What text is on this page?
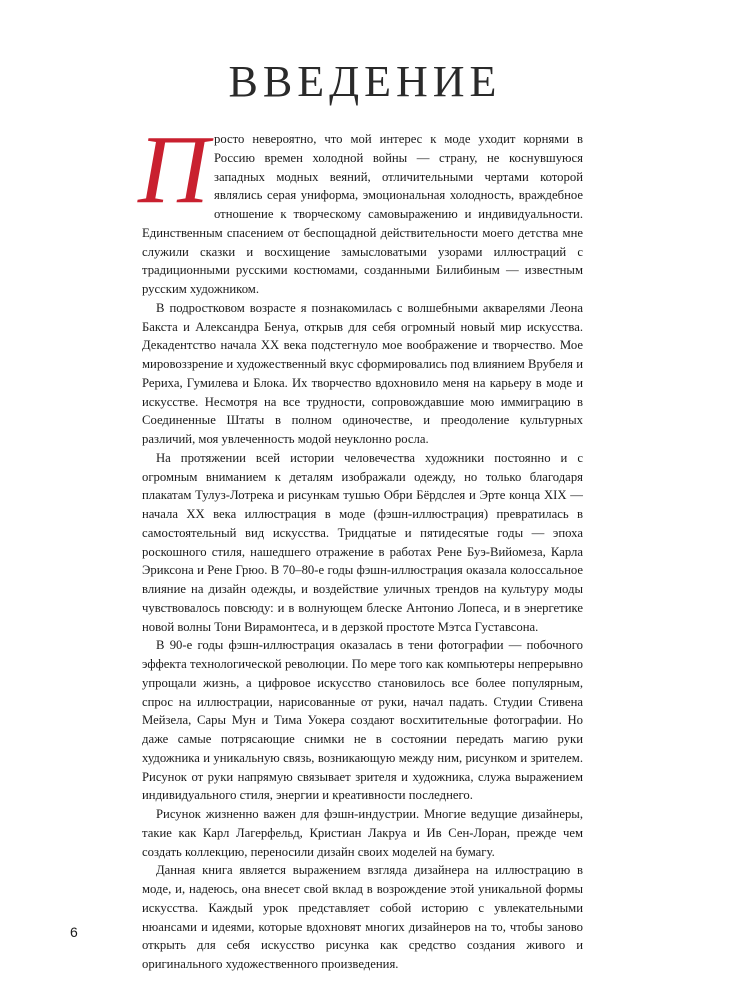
ВВЕДЕНИЕ

Просто невероятно, что мой интерес к моде уходит корнями в Россию времен холодной войны — страну, не коснувшуюся западных модных веяний, отличительными чертами которой являлись серая униформа, эмоциональная холодность, враждебное отношение к творческому самовыражению и индивидуальности. Единственным спасением от беспощадной действительности моего детства мне служили сказки и восхищение замысловатыми узорами иллюстраций с традиционными русскими костюмами, созданными Билибиным — известным русским художником.

В подростковом возрасте я познакомилась с волшебными акварелями Леона Бакста и Александра Бенуа, открыв для себя огромный новый мир искусства. Декадентство начала XX века подстегнуло мое воображение и творчество. Мое мировоззрение и художественный вкус сформировались под влиянием Врубеля и Рериха, Гумилева и Блока. Их творчество вдохновило меня на карьеру в моде и искусстве. Несмотря на все трудности, сопровождавшие мою иммиграцию в Соединенные Штаты в полном одиночестве, и преодоление культурных различий, моя увлеченность модой неуклонно росла.

На протяжении всей истории человечества художники постоянно и с огромным вниманием к деталям изображали одежду, но только благодаря плакатам Тулуз-Лотрека и рисункам тушью Обри Бёрдслея и Эрте конца XIX — начала XX века иллюстрация в моде (фэшн-иллюстрация) превратилась в самостоятельный вид искусства. Тридцатые и пятидесятые годы — эпоха роскошного стиля, нашедшего отражение в работах Рене Буэ-Вийомеза, Карла Эриксона и Рене Грюо. В 70–80-е годы фэшн-иллюстрация оказала колоссальное влияние на дизайн одежды, и воздействие уличных трендов на культуру моды чувствовалось повсюду: и в волнующем блеске Антонио Лопеса, и в энергетике новой волны Тони Вирамонтеса, и в дерзкой простоте Мэтса Густавсона.

В 90-е годы фэшн-иллюстрация оказалась в тени фотографии — побочного эффекта технологической революции. По мере того как компьютеры непрерывно упрощали жизнь, а цифровое искусство становилось все более популярным, спрос на иллюстрации, нарисованные от руки, начал падать. Студии Стивена Мейзела, Сары Мун и Тима Уокера создают восхитительные фотографии. Но даже самые потрясающие снимки не в состоянии передать магию руки художника и уникальную связь, возникающую между ним, рисунком и зрителем. Рисунок от руки напрямую связывает зрителя и художника, служа выражением индивидуального стиля, энергии и креативности последнего.

Рисунок жизненно важен для фэшн-индустрии. Многие ведущие дизайнеры, такие как Карл Лагерфельд, Кристиан Лакруа и Ив Сен-Лоран, прежде чем создать коллекцию, переносили дизайн своих моделей на бумагу.

Данная книга является выражением взгляда дизайнера на иллюстрацию в моде, и, надеюсь, она внесет свой вклад в возрождение этой уникальной формы искусства. Каждый урок представляет собой историю с увлекательными нюансами и идеями, которые вдохновят многих дизайнеров на то, чтобы заново открыть для себя искусство рисунка как средство создания живого и оригинального художественного произведения.

6
